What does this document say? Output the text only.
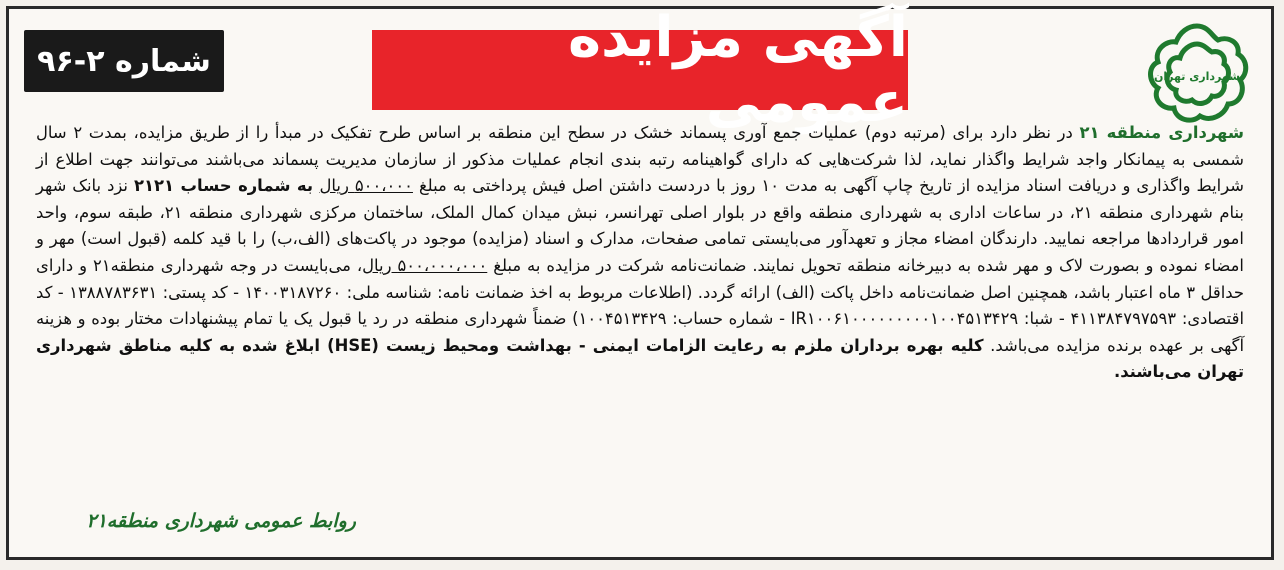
شهرداری تهران
آگهی مزایده عمومی
شماره ۲-۹۶
شهرداری منطقه ۲۱ در نظر دارد برای (مرتبه دوم) عملیات جمع آوری پسماند خشک در سطح این منطقه بر اساس طرح تفکیک در مبدأ را از طریق مزایده، بمدت ۲ سال شمسی به پیمانکار واجد شرایط واگذار نماید، لذا شرکت‌هایی که دارای گواهینامه رتبه بندی انجام عملیات مذکور از سازمان مدیریت پسماند می‌باشند می‌توانند جهت اطلاع از شرایط واگذاری و دریافت اسناد مزایده از تاریخ چاپ آگهی به مدت ۱۰ روز با دردست داشتن اصل فیش پرداختی به مبلغ ۵۰۰،۰۰۰ ریال به شماره حساب ۲۱۲۱ نزد بانک شهر بنام شهرداری منطقه ۲۱، در ساعات اداری به شهرداری منطقه واقع در بلوار اصلی تهرانسر، نبش میدان کمال الملک، ساختمان مرکزی شهرداری منطقه ۲۱، طبقه سوم، واحد امور قراردادها مراجعه نمایید. دارندگان امضاء مجاز و تعهدآور می‌بایستی تمامی صفحات، مدارک و اسناد (مزایده) موجود در پاکت‌های (الف،ب) را با قید کلمه (قبول است) مهر و امضاء نموده و بصورت لاک و مهر شده به دبیرخانه منطقه تحویل نمایند. ضمانت‌نامه شرکت در مزایده به مبلغ ۵۰۰،۰۰۰،۰۰۰ ریال، می‌بایست در وجه شهرداری منطقه۲۱ و دارای حداقل ۳ ماه اعتبار باشد، همچنین اصل ضمانت‌نامه داخل پاکت (الف) ارائه گردد. (اطلاعات مربوط به اخذ ضمانت نامه: شناسه ملی: ۱۴۰۰۳۱۸۷۲۶۰ - کد پستی: ۱۳۸۸۷۸۳۶۳۱ - کد اقتصادی: ۴۱۱۳۸۴۷۹۷۵۹۳ - شبا: IR۱۰۰۶۱۰۰۰۰۰۰۰۰۰۱۰۰۴۵۱۳۴۲۹ - شماره حساب: ۱۰۰۴۵۱۳۴۲۹) ضمناً شهرداری منطقه در رد یا قبول یک یا تمام پیشنهادات مختار بوده و هزینه آگهی بر عهده برنده مزایده می‌باشد. کلیه بهره برداران ملزم به رعایت الزامات ایمنی - بهداشت ومحیط زیست (HSE) ابلاغ شده به کلیه مناطق شهرداری تهران می‌باشند.
روابط عمومی شهرداری منطقه۲۱
